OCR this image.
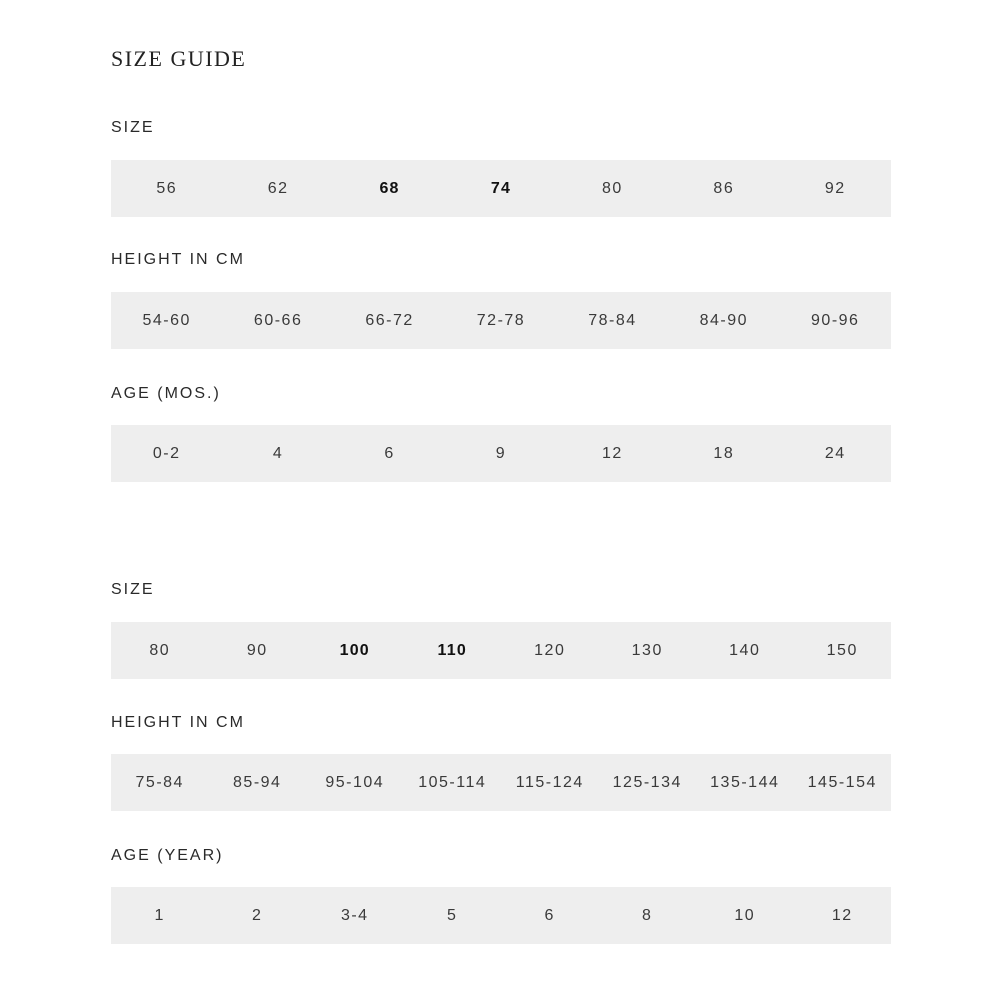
SIZE GUIDE
SIZE
56	62	68	74	80	86	92
HEIGHT IN CM
54-60	60-66	66-72	72-78	78-84	84-90	90-96
AGE (MOS.)
0-2	4	6	9	12	18	24
SIZE
80	90	100	110	120	130	140	150
HEIGHT IN CM
75-84	85-94	95-104	105-114	115-124	125-134	135-144	145-154
AGE (YEAR)
1	2	3-4	5	6	8	10	12
